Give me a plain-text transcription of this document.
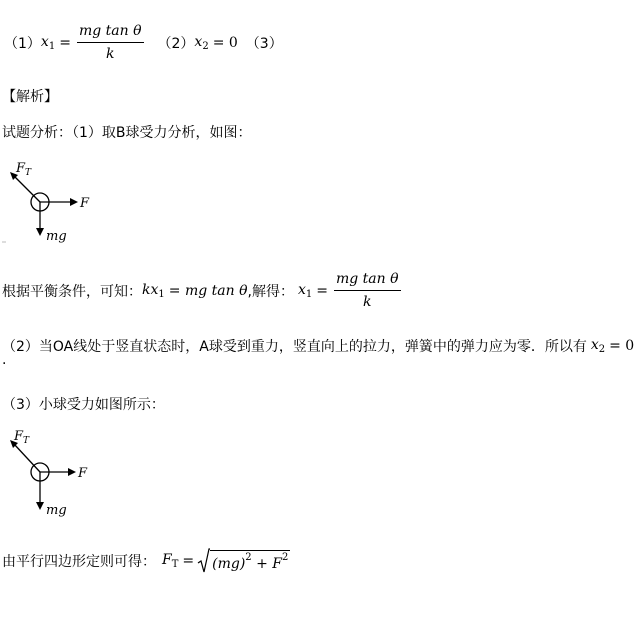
（1） $x_1 = \frac{\text{mg tan θ}}{k} (2) x_2 = 0$ （3）
【解析】
试题分析：（1）取B球受力分析，如图：
$F_T$
F
mg
根据平衡条件，可知： $kx_1$ = mg tan θ ,解得： $x_1 = \frac{\text{mg tan θ}}{k}$
（2）当OA线处于竖直状态时，A球受到重力，竖直向上的拉力，弹簧中的弹力应为零．所以有 $x_2 = 0$
.
（3）小球受力如图所示：
$F_T$
F
mg
由平行四边形定则可得： $F_T = (mg)^2 + F^2$
